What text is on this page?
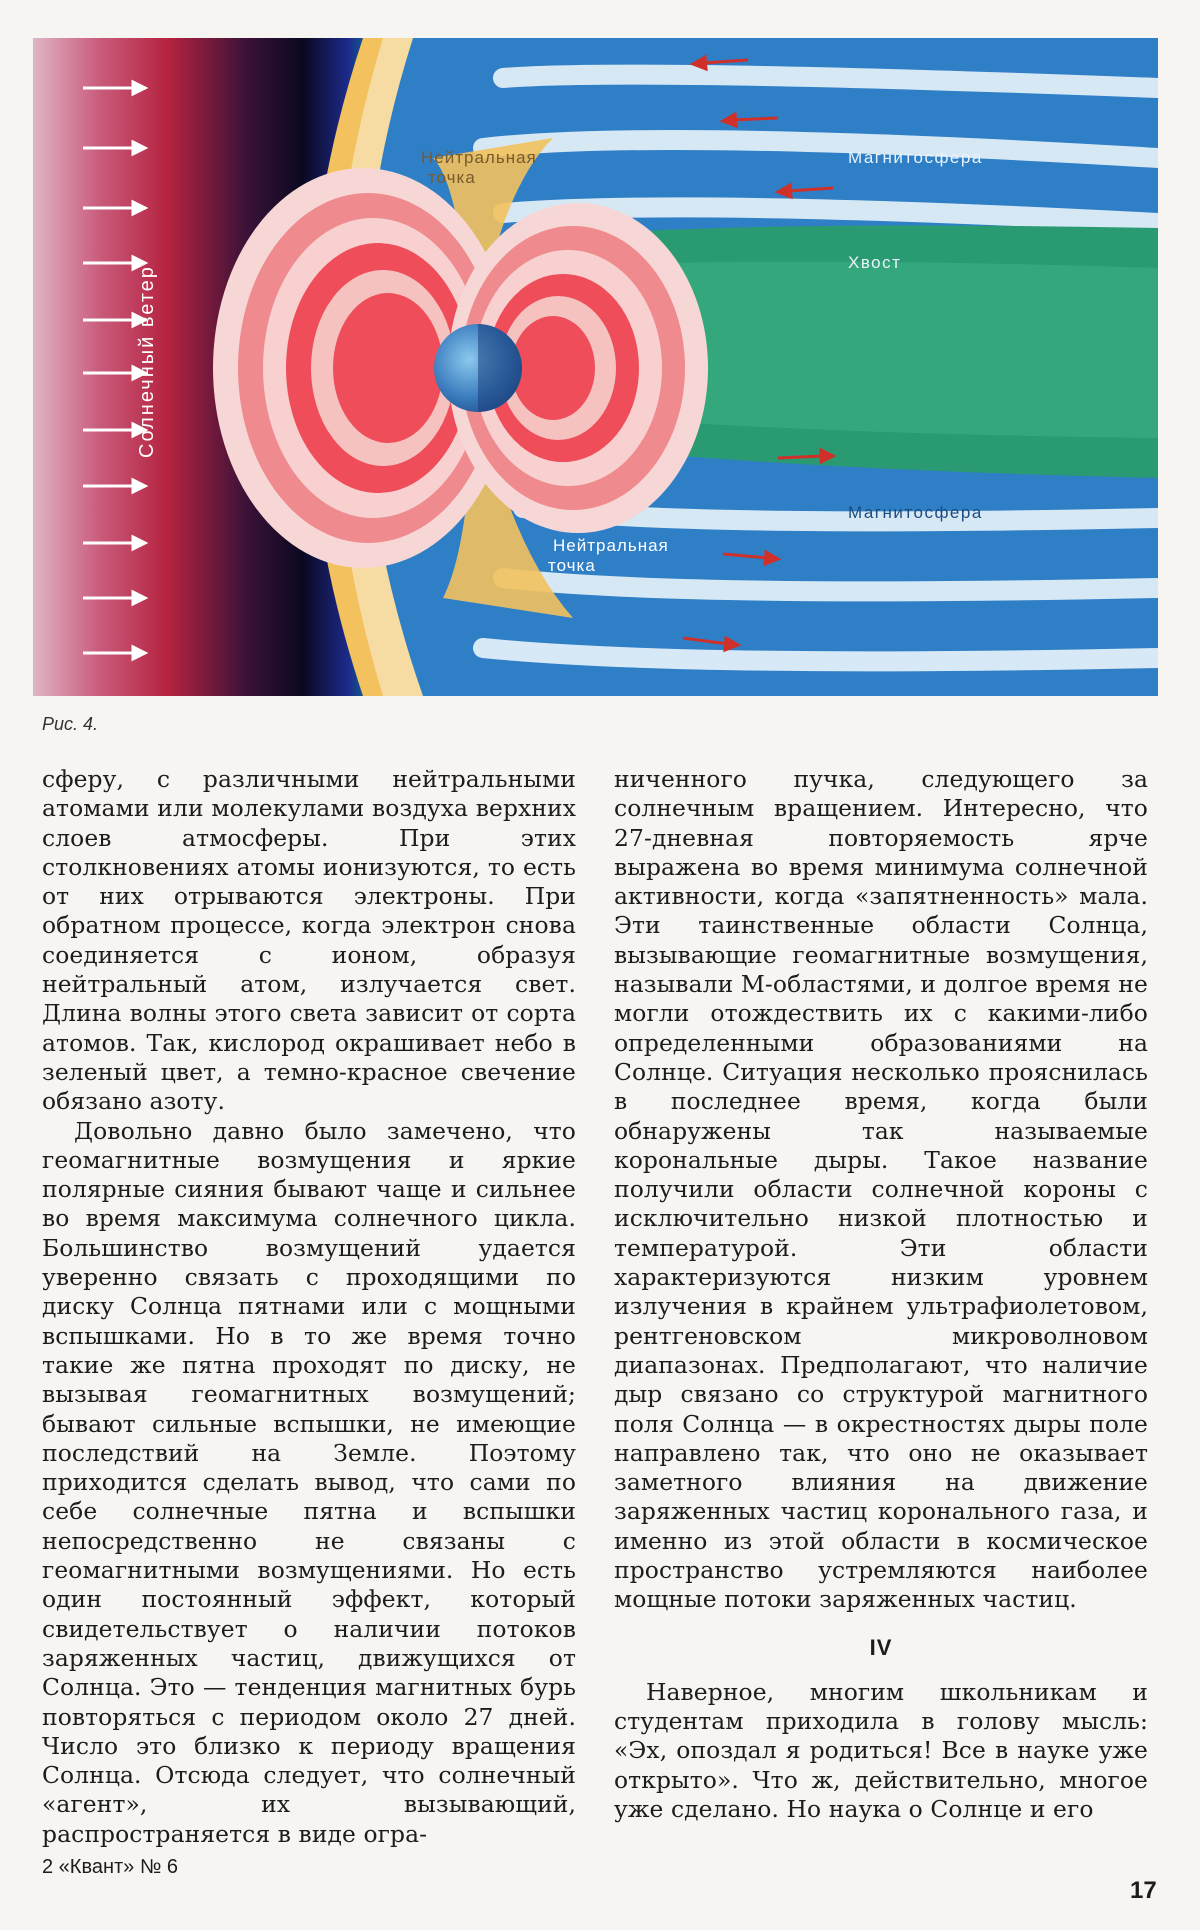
Солнечный ветер
Нейтральная
точка
Нейтральная
точка
Магнитосфера
Хвост
Магнитосфера
Рис. 4.

сферу, с различными нейтральными атомами или молекулами воздуха верхних слоев атмосферы. При этих столкновениях атомы ионизуются, то есть от них отрываются электроны. При обратном процессе, когда электрон снова соединяется с ионом, образуя нейтральный атом, излучается свет. Длина волны этого света зависит от сорта атомов. Так, кислород окрашивает небо в зеленый цвет, а темно-красное свечение обязано азоту.

Довольно давно было замечено, что геомагнитные возмущения и яркие полярные сияния бывают чаще и сильнее во время максимума солнечного цикла. Большинство возмущений удается уверенно связать с проходящими по диску Солнца пятнами или с мощными вспышками. Но в то же время точно такие же пятна проходят по диску, не вызывая геомагнитных возмущений; бывают сильные вспышки, не имеющие последствий на Земле. Поэтому приходится сделать вывод, что сами по себе солнечные пятна и вспышки непосредственно не связаны с геомагнитными возмущениями. Но есть один постоянный эффект, который свидетельствует о наличии потоков заряженных частиц, движущихся от Солнца. Это — тенденция магнитных бурь повторяться с периодом около 27 дней. Число это близко к периоду вращения Солнца. Отсюда следует, что солнечный «агент», их вызывающий, распространяется в виде огра-

ниченного пучка, следующего за солнечным вращением. Интересно, что 27-дневная повторяемость ярче выражена во время минимума солнечной активности, когда «запятненность» мала. Эти таинственные области Солнца, вызывающие геомагнитные возмущения, называли M-областями, и долгое время не могли отождествить их с какими-либо определенными образованиями на Солнце. Ситуация несколько прояснилась в последнее время, когда были обнаружены так называемые корональные дыры. Такое название получили области солнечной короны с исключительно низкой плотностью и температурой. Эти области характеризуются низким уровнем излучения в крайнем ультрафиолетовом, рентгеновском микроволновом диапазонах. Предполагают, что наличие дыр связано со структурой магнитного поля Солнца — в окрестностях дыры поле направлено так, что оно не оказывает заметного влияния на движение заряженных частиц коронального газа, и именно из этой области в космическое пространство устремляются наиболее мощные потоки заряженных частиц.

IV

Наверное, многим школьникам и студентам приходила в голову мысль: «Эх, опоздал я родиться! Все в науке уже открыто». Что ж, действительно, многое уже сделано. Но наука о Солнце и его

2 «Квант» № 6
17
